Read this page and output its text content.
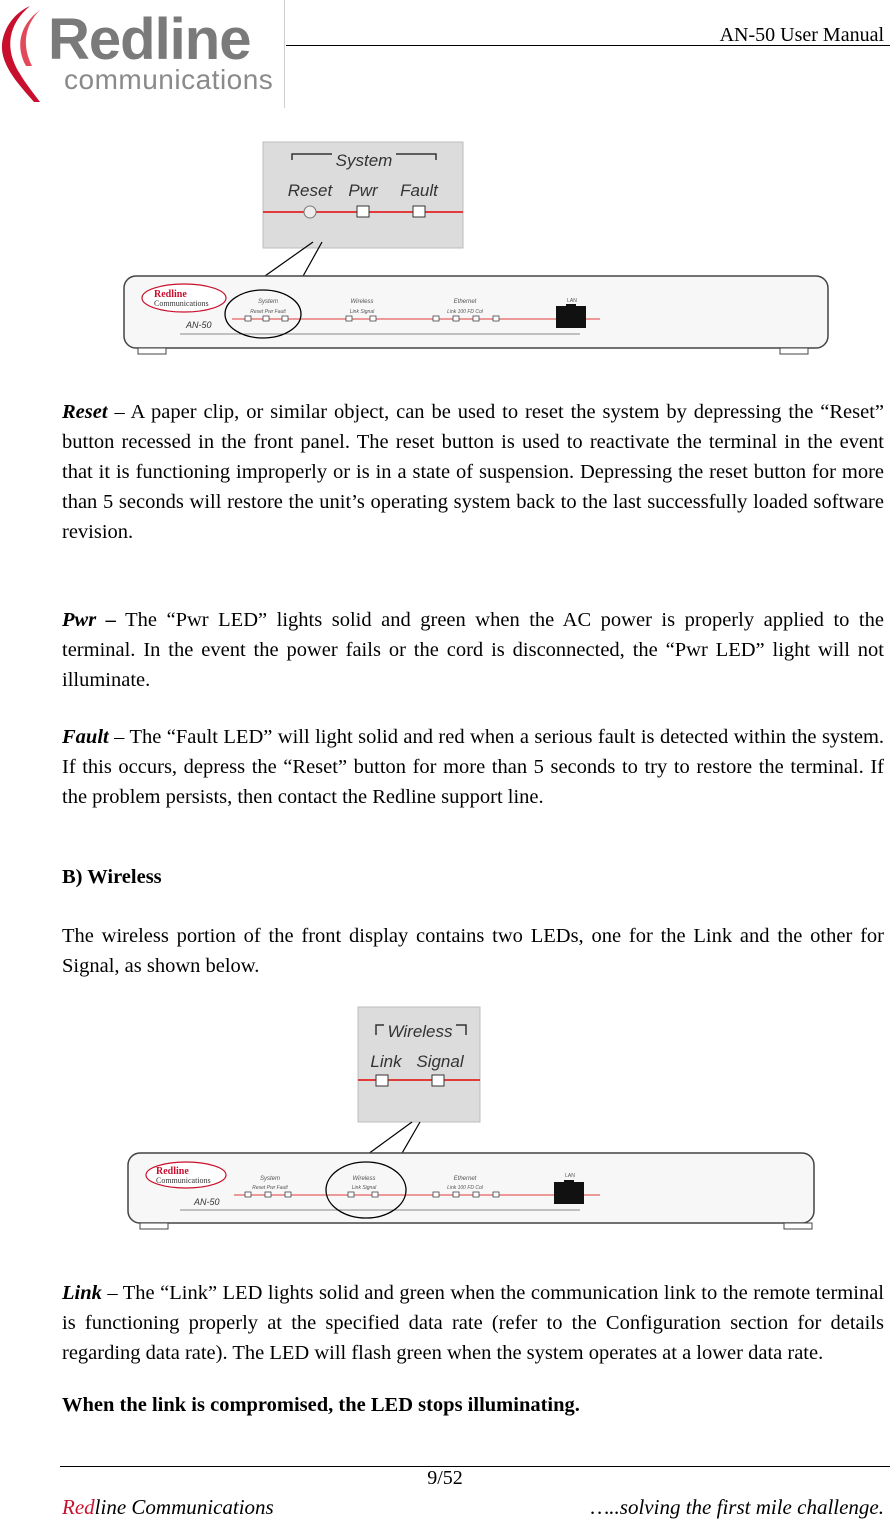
Redline
communications
AN-50 User Manual
System
Reset Pwr Fault
Redline
Communications
AN-50
System
Reset Pwr Fault
Wireless
Link Signal
Ethernet
Link 100 FD Col
LAN
Reset – A paper clip, or similar object, can be used to reset the system by depressing the “Reset” button recessed in the front panel. The reset button is used to reactivate the terminal in the event that it is functioning improperly or is in a state of suspension. Depressing the reset button for more than 5 seconds will restore the unit’s operating system back to the last successfully loaded software revision.
Pwr – The “Pwr LED” lights solid and green when the AC power is properly applied to the terminal. In the event the power fails or the cord is disconnected, the “Pwr LED” light will not illuminate.
Fault – The “Fault LED” will light solid and red when a serious fault is detected within the system. If this occurs, depress the “Reset” button for more than 5 seconds to try to restore the terminal. If the problem persists, then contact the Redline support line.
B) Wireless
The wireless portion of the front display contains two LEDs, one for the Link and the other for Signal, as shown below.
Wireless
Link Signal
Redline
Communications
AN-50
System
Reset Pwr Fault
Wireless
Link Signal
Ethernet
Link 100 FD Col
LAN
Link – The “Link” LED lights solid and green when the communication link to the remote terminal is functioning properly at the specified data rate (refer to the Configuration section for details regarding data rate). The LED will flash green when the system operates at a lower data rate.
When the link is compromised, the LED stops illuminating.
9/52
Redline Communications	…..solving the first mile challenge.
